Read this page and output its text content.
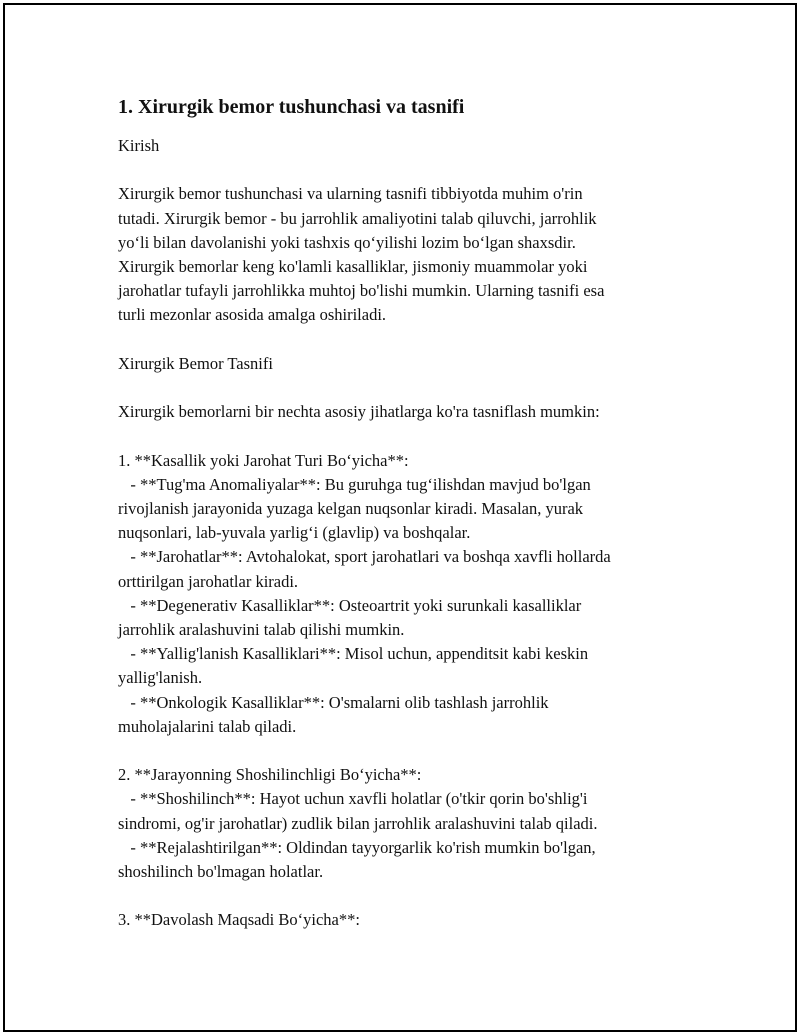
1. Xirurgik bemor tushunchasi va tasnifi
Kirish
Xirurgik bemor tushunchasi va ularning tasnifi tibbiyotda muhim o'rin
tutadi. Xirurgik bemor - bu jarrohlik amaliyotini talab qiluvchi, jarrohlik
yo‘li bilan davolanishi yoki tashxis qo‘yilishi lozim bo‘lgan shaxsdir.
Xirurgik bemorlar keng ko'lamli kasalliklar, jismoniy muammolar yoki
jarohatlar tufayli jarrohlikka muhtoj bo'lishi mumkin. Ularning tasnifi esa
turli mezonlar asosida amalga oshiriladi.
Xirurgik Bemor Tasnifi
Xirurgik bemorlarni bir nechta asosiy jihatlarga ko'ra tasniflash mumkin:
1. **Kasallik yoki Jarohat Turi Bo‘yicha**:
- **Tug'ma Anomaliyalar**: Bu guruhga tug‘ilishdan mavjud bo'lgan
rivojlanish jarayonida yuzaga kelgan nuqsonlar kiradi. Masalan, yurak
nuqsonlari, lab-yuvala yarlig‘i (glavlip) va boshqalar.
- **Jarohatlar**: Avtohalokat, sport jarohatlari va boshqa xavfli hollarda
orttirilgan jarohatlar kiradi.
- **Degenerativ Kasalliklar**: Osteoartrit yoki surunkali kasalliklar
jarrohlik aralashuvini talab qilishi mumkin.
- **Yallig'lanish Kasalliklari**: Misol uchun, appenditsit kabi keskin
yallig'lanish.
- **Onkologik Kasalliklar**: O'smalarni olib tashlash jarrohlik
muholajalarini talab qiladi.
2. **Jarayonning Shoshilinchligi Bo‘yicha**:
- **Shoshilinch**: Hayot uchun xavfli holatlar (o'tkir qorin bo'shlig'i
sindromi, og'ir jarohatlar) zudlik bilan jarrohlik aralashuvini talab qiladi.
- **Rejalashtirilgan**: Oldindan tayyorgarlik ko'rish mumkin bo'lgan,
shoshilinch bo'lmagan holatlar.
3. **Davolash Maqsadi Bo‘yicha**:
